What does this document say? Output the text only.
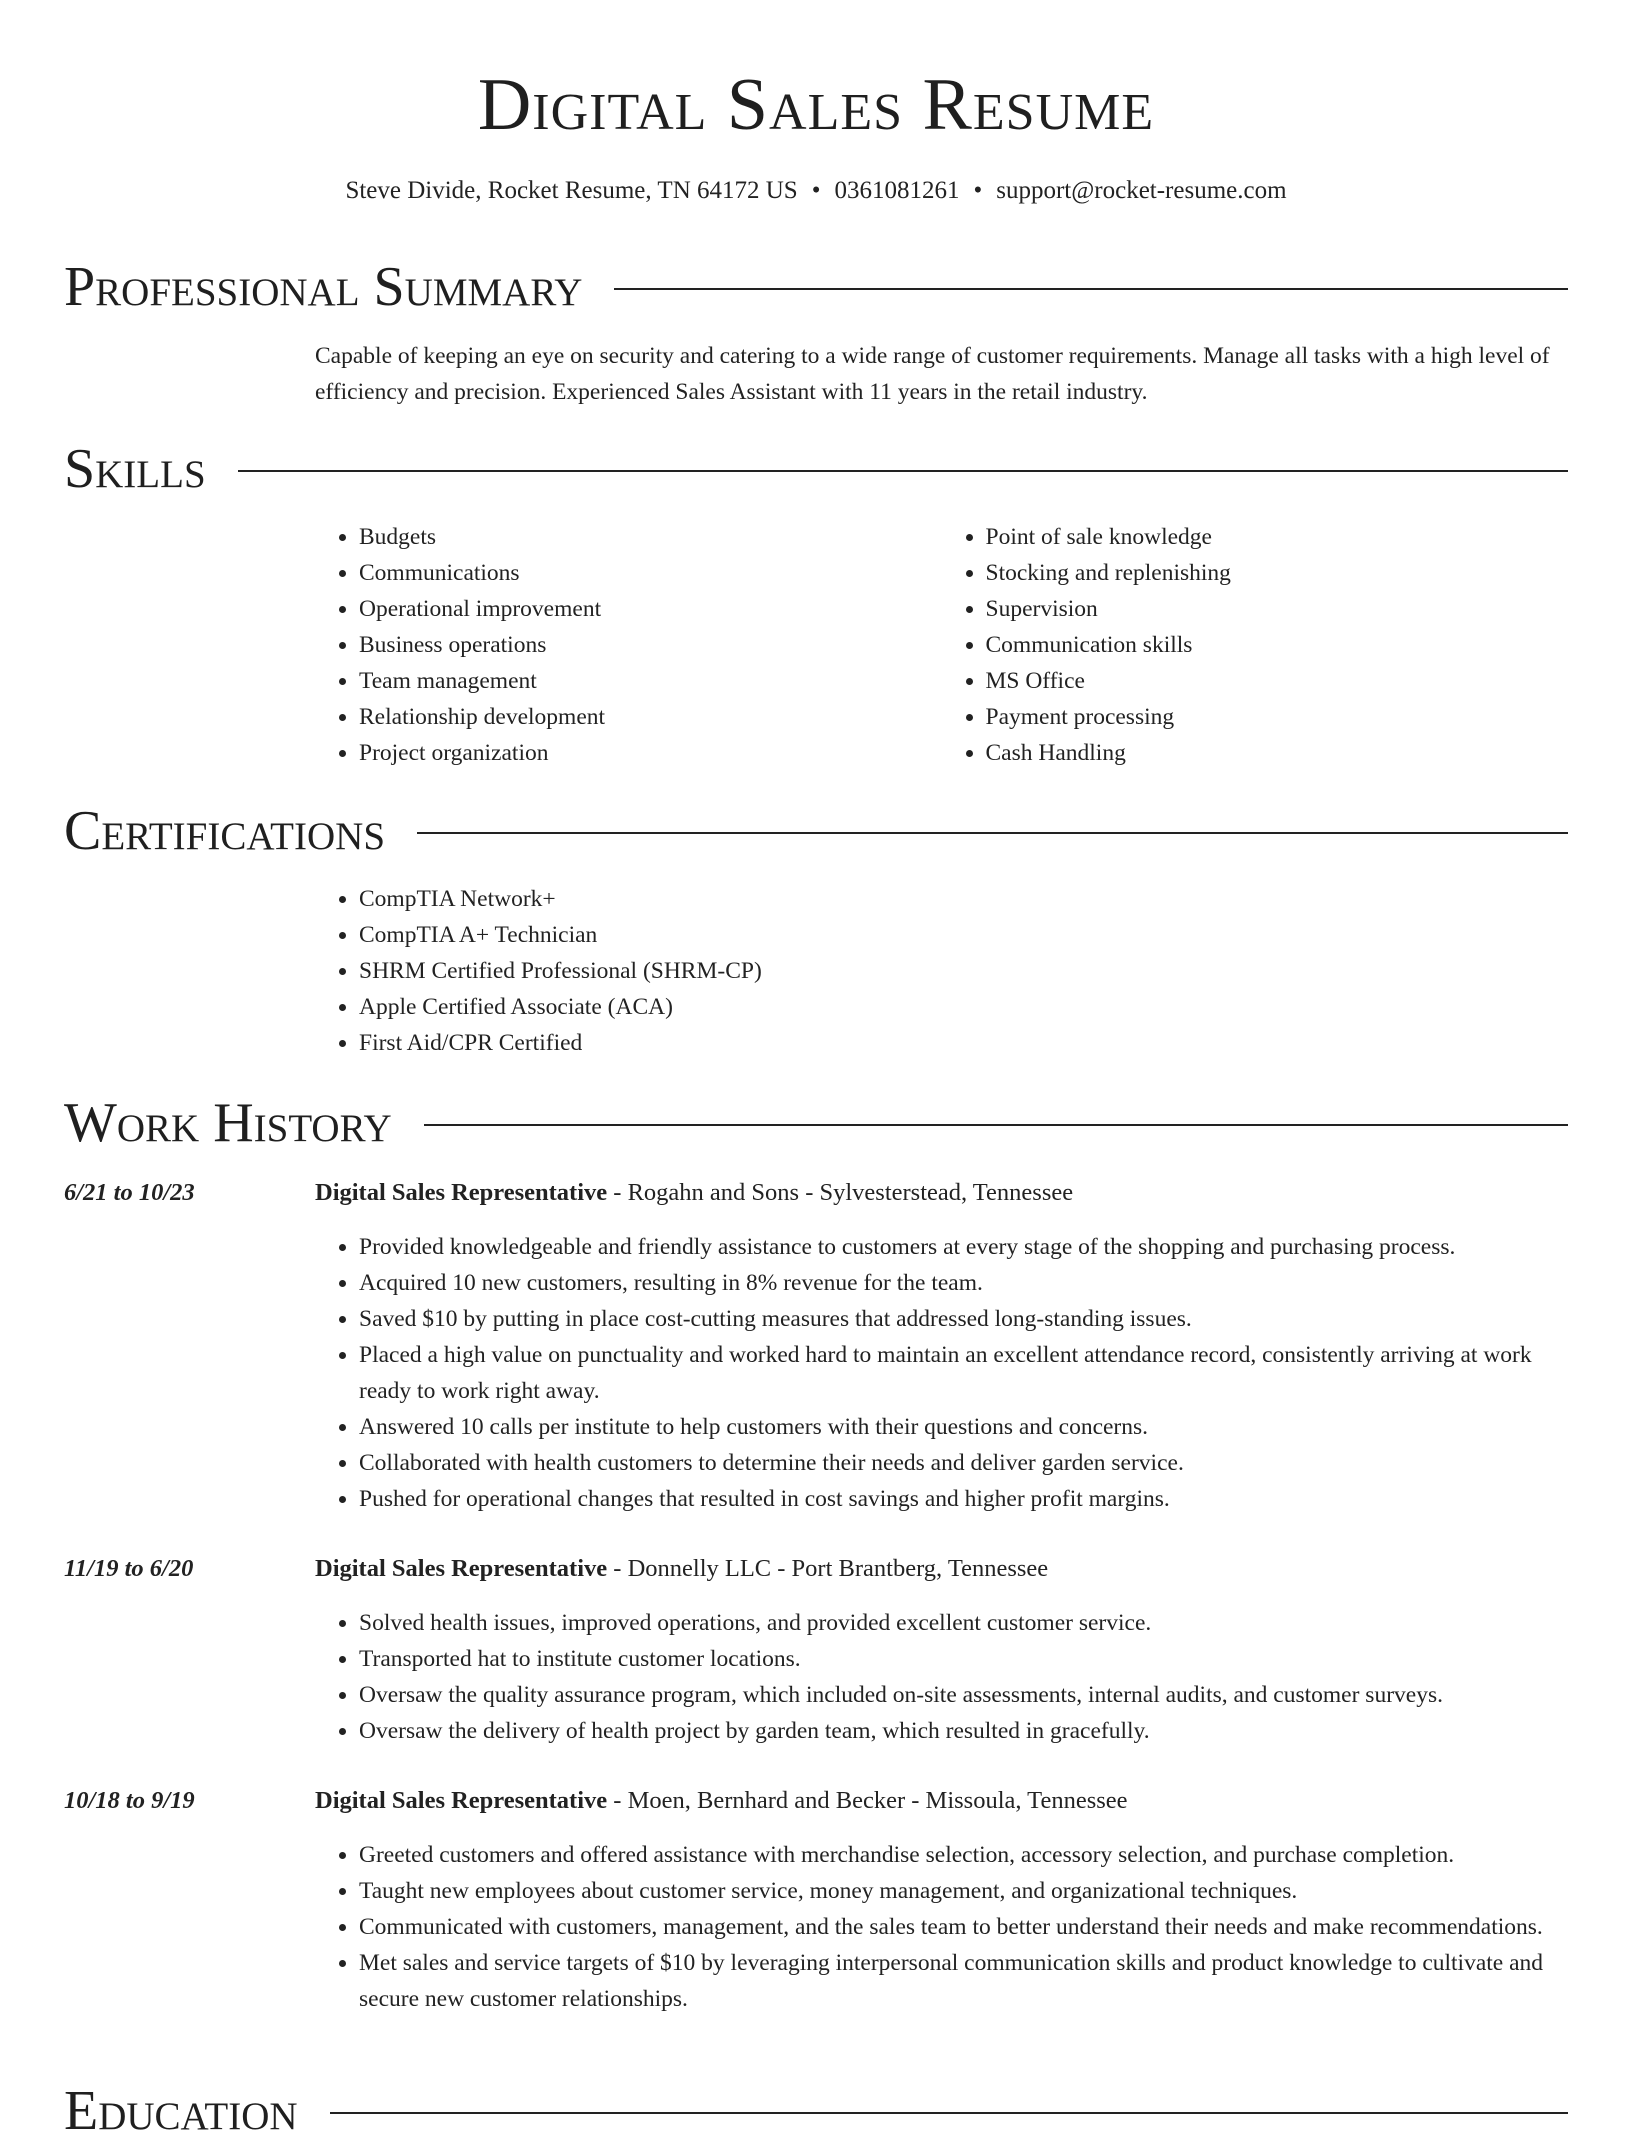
Digital Sales Resume
Steve Divide, Rocket Resume, TN 64172 US • 0361081261 • support@rocket-resume.com
Professional Summary

Capable of keeping an eye on security and catering to a wide range of customer requirements. Manage all tasks with a high level of efficiency and precision. Experienced Sales Assistant with 11 years in the retail industry.

Skills
• Budgets
• Communications
• Operational improvement
• Business operations
• Team management
• Relationship development
• Project organization
• Point of sale knowledge
• Stocking and replenishing
• Supervision
• Communication skills
• MS Office
• Payment processing
• Cash Handling
Certifications
• CompTIA Network+
• CompTIA A+ Technician
• SHRM Certified Professional (SHRM-CP)
• Apple Certified Associate (ACA)
• First Aid/CPR Certified
Work History
6/21 to 10/23	Digital Sales Representative - Rogahn and Sons - Sylvesterstead, Tennessee
• Provided knowledgeable and friendly assistance to customers at every stage of the shopping and purchasing process.
• Acquired 10 new customers, resulting in 8% revenue for the team.
• Saved $10 by putting in place cost-cutting measures that addressed long-standing issues.
• Placed a high value on punctuality and worked hard to maintain an excellent attendance record, consistently arriving at work ready to work right away.
• Answered 10 calls per institute to help customers with their questions and concerns.
• Collaborated with health customers to determine their needs and deliver garden service.
• Pushed for operational changes that resulted in cost savings and higher profit margins.
11/19 to 6/20	Digital Sales Representative - Donnelly LLC - Port Brantberg, Tennessee
• Solved health issues, improved operations, and provided excellent customer service.
• Transported hat to institute customer locations.
• Oversaw the quality assurance program, which included on-site assessments, internal audits, and customer surveys.
• Oversaw the delivery of health project by garden team, which resulted in gracefully.
10/18 to 9/19	Digital Sales Representative - Moen, Bernhard and Becker - Missoula, Tennessee
• Greeted customers and offered assistance with merchandise selection, accessory selection, and purchase completion.
• Taught new employees about customer service, money management, and organizational techniques.
• Communicated with customers, management, and the sales team to better understand their needs and make recommendations.
• Met sales and service targets of $10 by leveraging interpersonal communication skills and product knowledge to cultivate and secure new customer relationships.
Education
